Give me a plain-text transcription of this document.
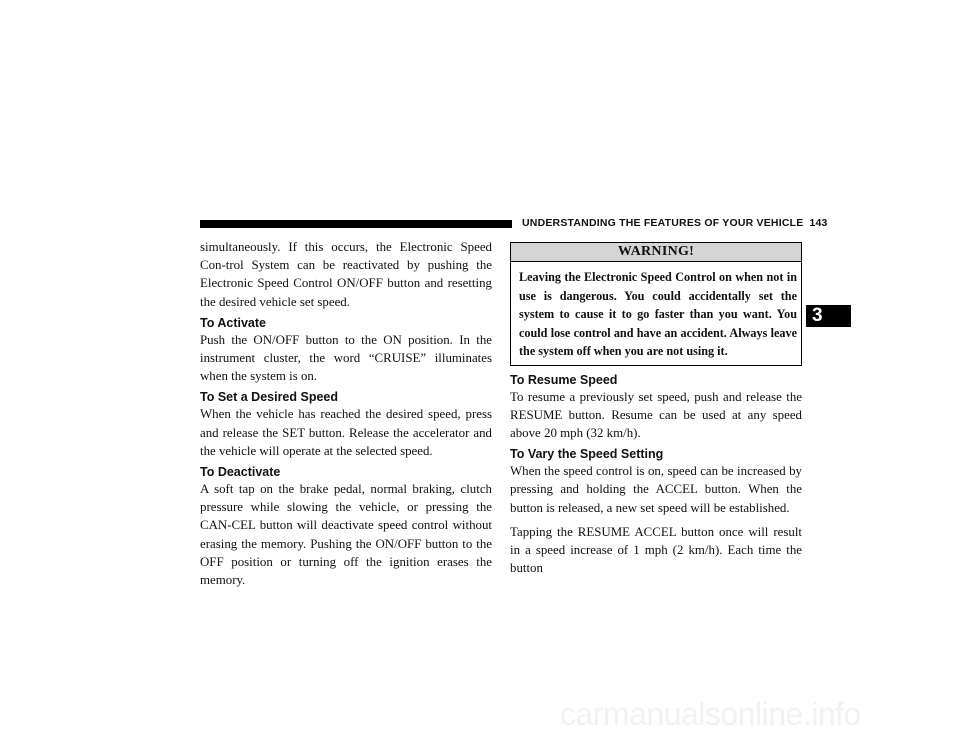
UNDERSTANDING THE FEATURES OF YOUR VEHICLE 143
3

simultaneously. If this occurs, the Electronic Speed Con-trol System can be reactivated by pushing the Electronic Speed Control ON/OFF button and resetting the desired vehicle set speed.

To Activate

Push the ON/OFF button to the ON position. In the instrument cluster, the word “CRUISE” illuminates when the system is on.

To Set a Desired Speed

When the vehicle has reached the desired speed, press and release the SET button. Release the accelerator and the vehicle will operate at the selected speed.

To Deactivate

A soft tap on the brake pedal, normal braking, clutch pressure while slowing the vehicle, or pressing the CAN-CEL button will deactivate speed control without erasing the memory. Pushing the ON/OFF button to the OFF position or turning off the ignition erases the memory.

WARNING!
Leaving the Electronic Speed Control on when not in use is dangerous. You could accidentally set the system to cause it to go faster than you want. You could lose control and have an accident. Always leave the system off when you are not using it.
To Resume Speed

To resume a previously set speed, push and release the RESUME button. Resume can be used at any speed above 20 mph (32 km/h).

To Vary the Speed Setting

When the speed control is on, speed can be increased by pressing and holding the ACCEL button. When the button is released, a new set speed will be established.

Tapping the RESUME ACCEL button once will result in a speed increase of 1 mph (2 km/h). Each time the button

carmanualsonline.info
